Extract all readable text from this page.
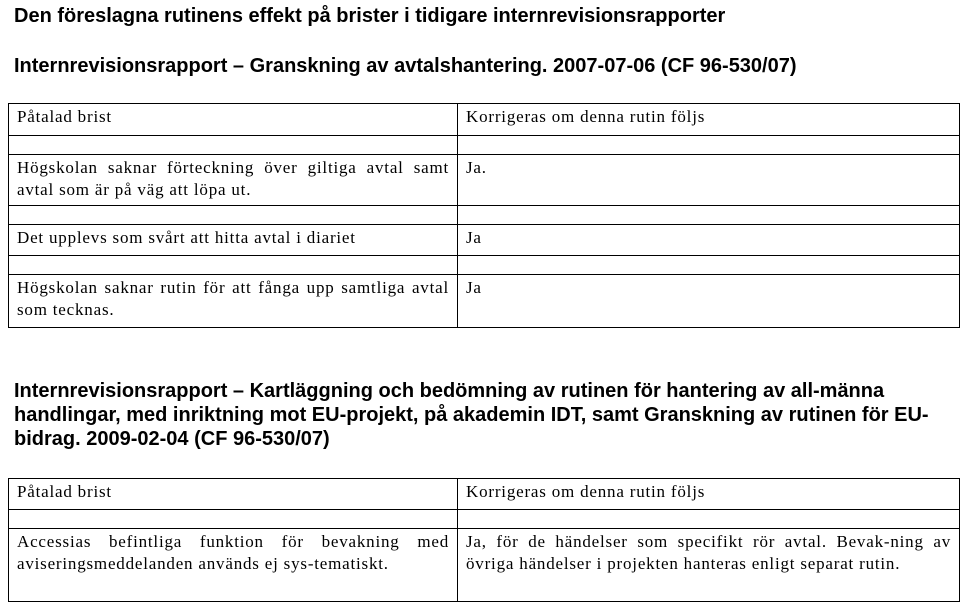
Den föreslagna rutinens effekt på brister i tidigare internrevisionsrapporter
Internrevisionsrapport – Granskning av avtalshantering. 2007-07-06 (CF 96-530/07)
Påtalad brist	Korrigeras om denna rutin följs

Högskolan saknar förteckning över giltiga avtal samt avtal som är på väg att löpa ut.	Ja.

Det upplevs som svårt att hitta avtal i diariet	Ja

Högskolan saknar rutin för att fånga upp samtliga avtal som tecknas.	Ja
Internrevisionsrapport – Kartläggning och bedömning av rutinen för hantering av all-männa handlingar, med inriktning mot EU-projekt, på akademin IDT, samt Granskning av rutinen för EU-bidrag. 2009-02-04 (CF 96-530/07)
Påtalad brist	Korrigeras om denna rutin följs

Accessias befintliga funktion för bevakning med aviseringsmeddelanden används ej sys-tematiskt.	Ja, för de händelser som specifikt rör avtal. Bevak-ning av övriga händelser i projekten hanteras enligt separat rutin.
